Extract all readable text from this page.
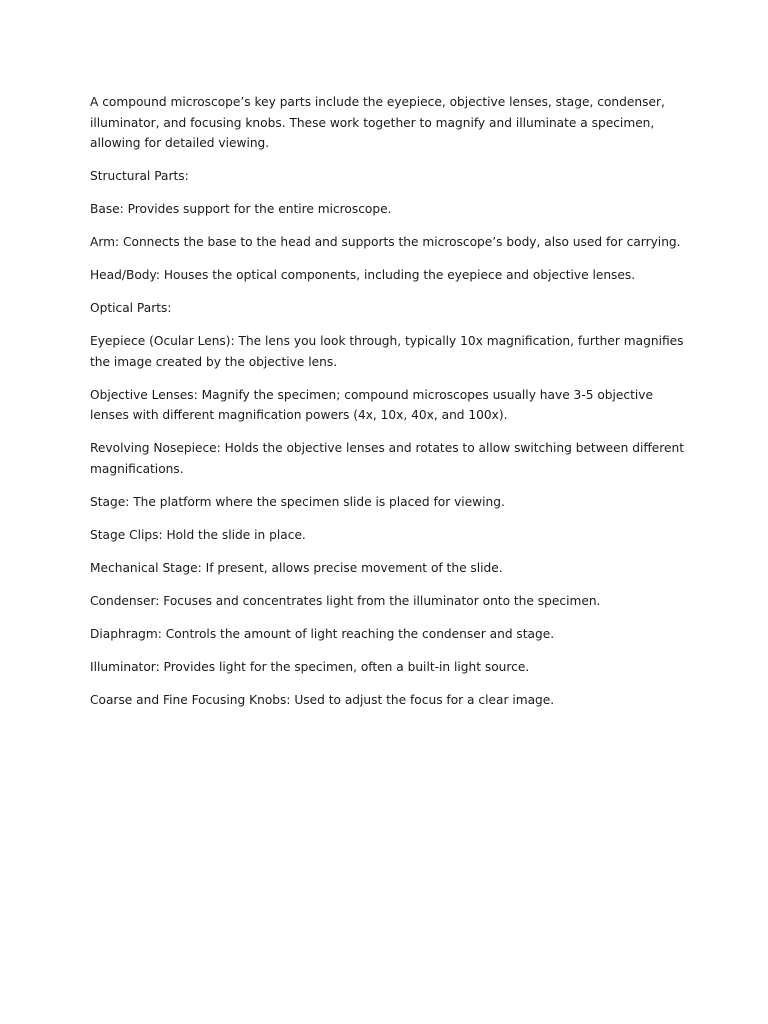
A compound microscope’s key parts include the eyepiece, objective lenses, stage, condenser, illuminator, and focusing knobs. These work together to magnify and illuminate a specimen, allowing for detailed viewing.

Structural Parts:

Base: Provides support for the entire microscope.

Arm: Connects the base to the head and supports the microscope’s body, also used for carrying.

Head/Body: Houses the optical components, including the eyepiece and objective lenses.

Optical Parts:

Eyepiece (Ocular Lens): The lens you look through, typically 10x magnification, further magnifies the image created by the objective lens.

Objective Lenses: Magnify the specimen; compound microscopes usually have 3-5 objective lenses with different magnification powers (4x, 10x, 40x, and 100x).

Revolving Nosepiece: Holds the objective lenses and rotates to allow switching between different magnifications.

Stage: The platform where the specimen slide is placed for viewing.

Stage Clips: Hold the slide in place.

Mechanical Stage: If present, allows precise movement of the slide.

Condenser: Focuses and concentrates light from the illuminator onto the specimen.

Diaphragm: Controls the amount of light reaching the condenser and stage.

Illuminator: Provides light for the specimen, often a built-in light source.

Coarse and Fine Focusing Knobs: Used to adjust the focus for a clear image.
